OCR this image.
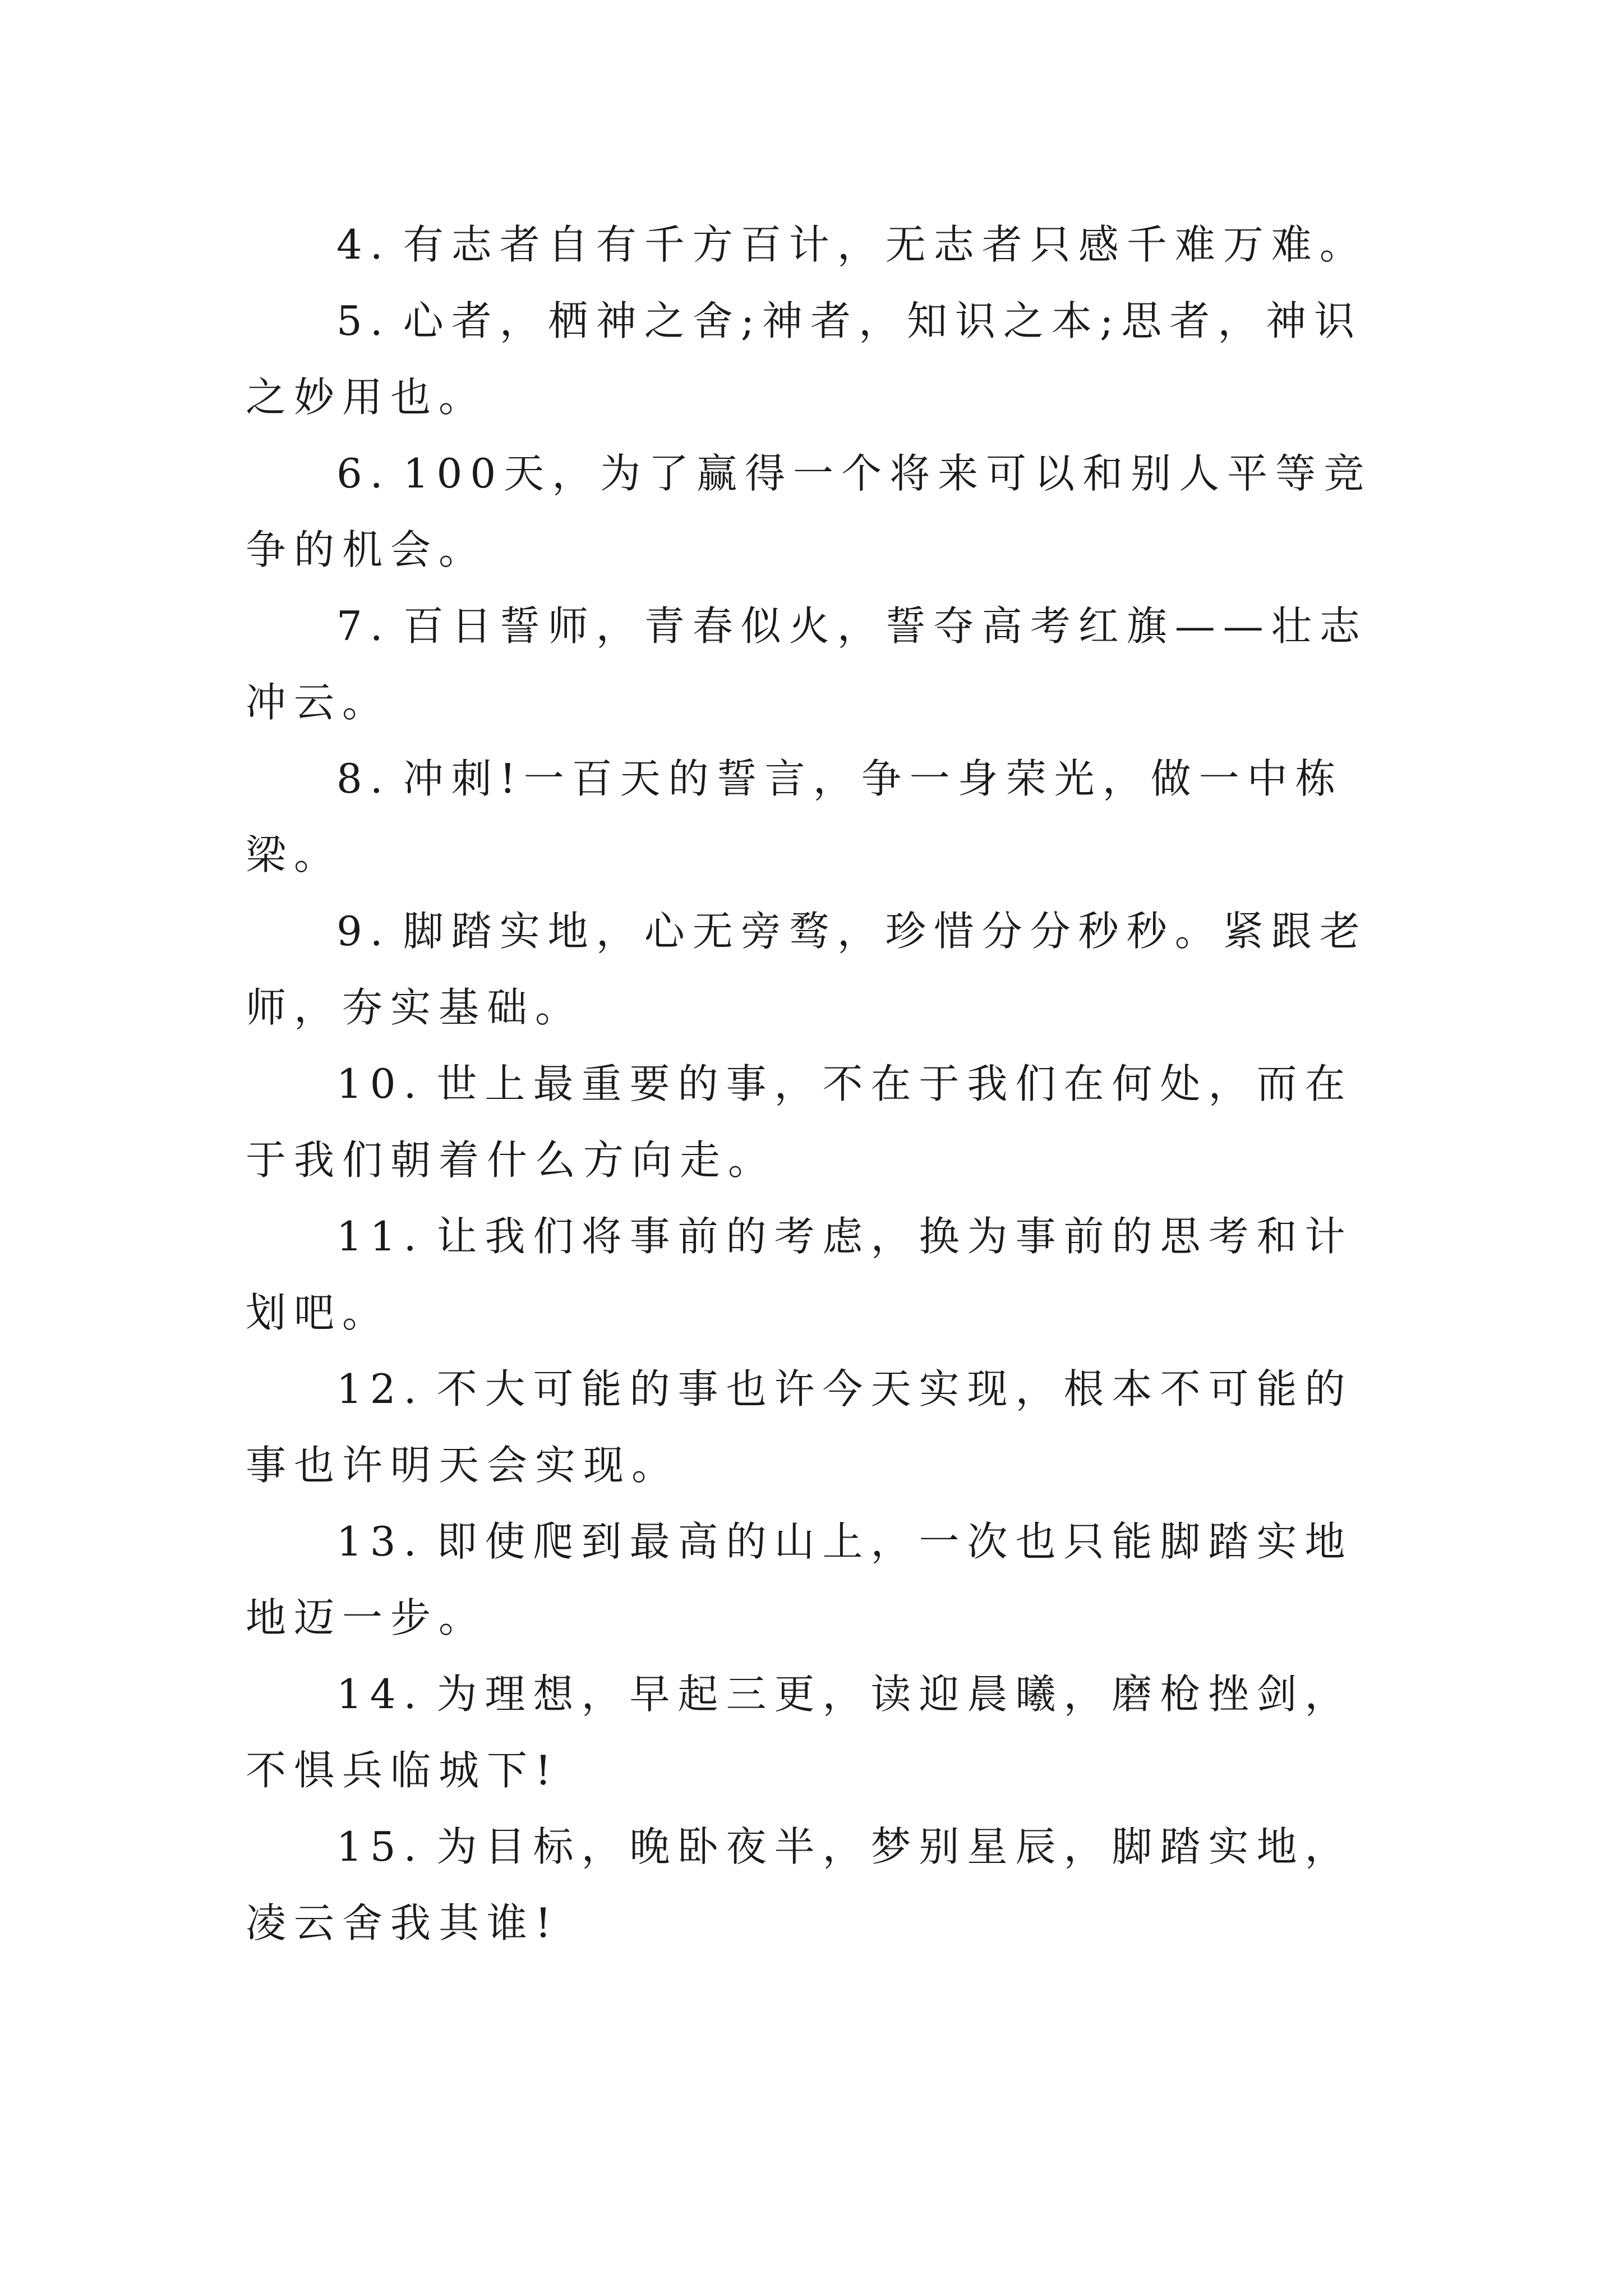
4. 有志者自有千方百计，无志者只感千难万难。

5. 心者，栖神之舍;神者，知识之本;思者，神识之妙用也。

6. 100天，为了赢得一个将来可以和别人平等竞争的机会。

7. 百日誓师，青春似火，誓夺高考红旗——壮志冲云。

8. 冲刺!一百天的誓言，争一身荣光，做一中栋梁。

9. 脚踏实地，心无旁骛，珍惜分分秒秒。紧跟老师，夯实基础。

10. 世上最重要的事，不在于我们在何处，而在于我们朝着什么方向走。

11. 让我们将事前的考虑，换为事前的思考和计划吧。

12. 不大可能的事也许今天实现，根本不可能的事也许明天会实现。

13. 即使爬到最高的山上，一次也只能脚踏实地地迈一步。

14. 为理想，早起三更，读迎晨曦，磨枪挫剑，不惧兵临城下!

15. 为目标，晚卧夜半，梦别星辰，脚踏实地，凌云舍我其谁!
